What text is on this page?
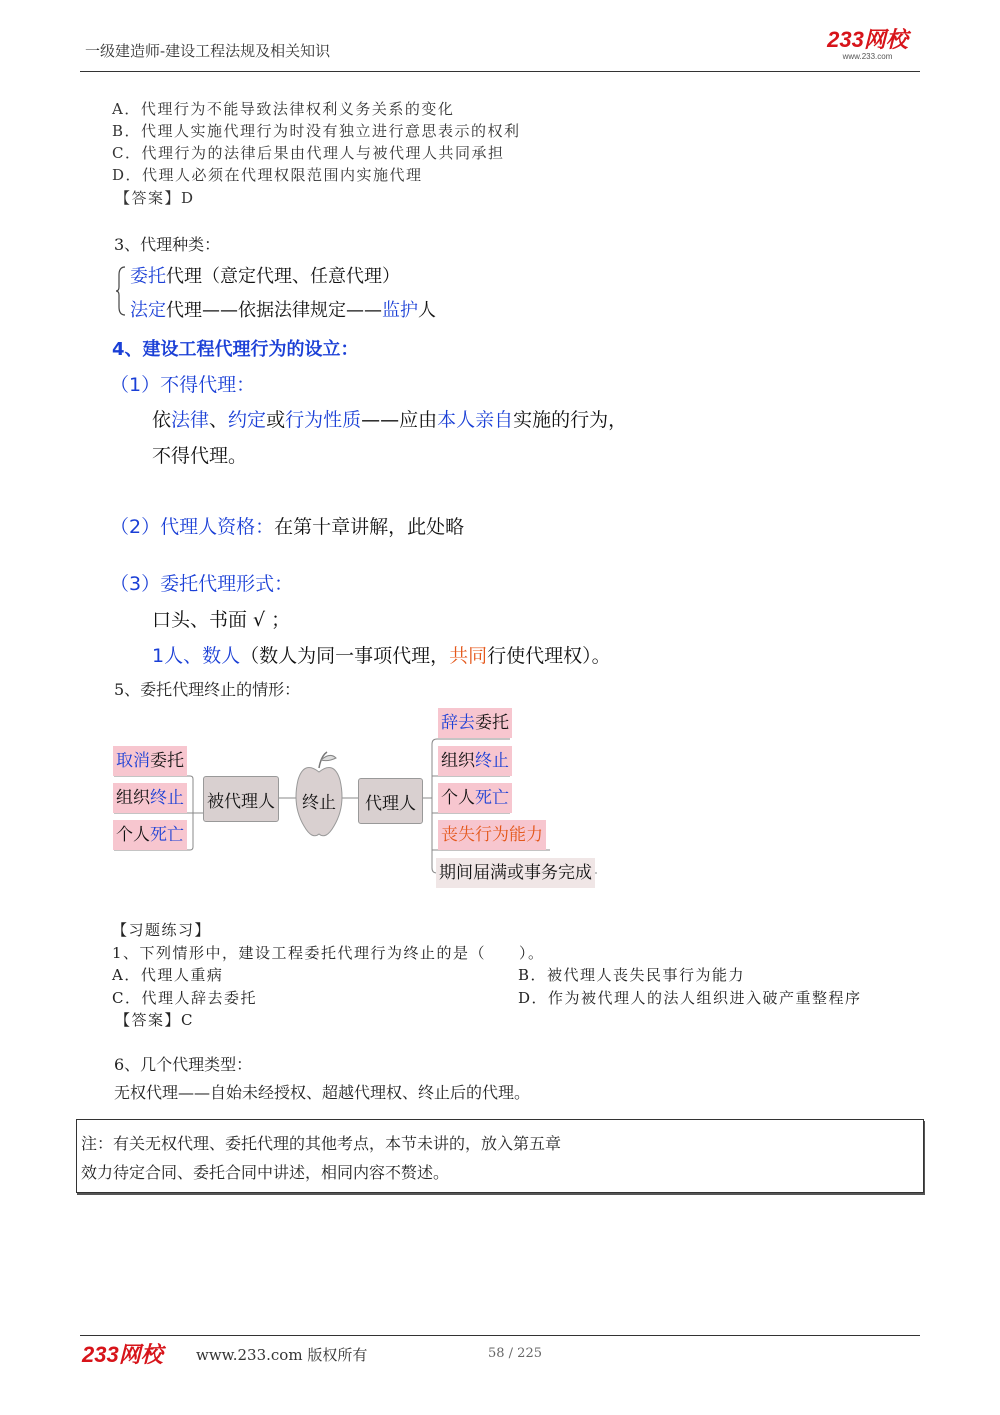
一级建造师-建设工程法规及相关知识	233网校
www.233.com
A．代理行为不能导致法律权利义务关系的变化
B．代理人实施代理行为时没有独立进行意思表示的权利
C．代理行为的法律后果由代理人与被代理人共同承担
D．代理人必须在代理权限范围内实施代理
【答案】D
3、代理种类：
委托代理（意定代理、任意代理）
法定代理——依据法律规定——监护人
4、建设工程代理行为的设立：
（1）不得代理：
依法律、约定或行为性质——应由本人亲自实施的行为，
不得代理。
（2）代理人资格：在第十章讲解，此处略
（3）委托代理形式：
口头、书面 √ ；
1人、数人（数人为同一事项代理，共同行使代理权）。
5、委托代理终止的情形：
取消委托
组织终止
个人死亡
被代理人	终止	代理人
辞去委托
组织终止
个人死亡
丧失行为能力
期间届满或事务完成
【习题练习】
1、下列情形中，建设工程委托代理行为终止的是（　　）。
A．代理人重病	B．被代理人丧失民事行为能力
C．代理人辞去委托	D．作为被代理人的法人组织进入破产重整程序
【答案】C
6、几个代理类型：
无权代理——自始未经授权、超越代理权、终止后的代理。
注：有关无权代理、委托代理的其他考点，本节未讲的，放入第五章
效力待定合同、委托合同中讲述，相同内容不赘述。
233网校 www.233.com 版权所有	58 / 225
